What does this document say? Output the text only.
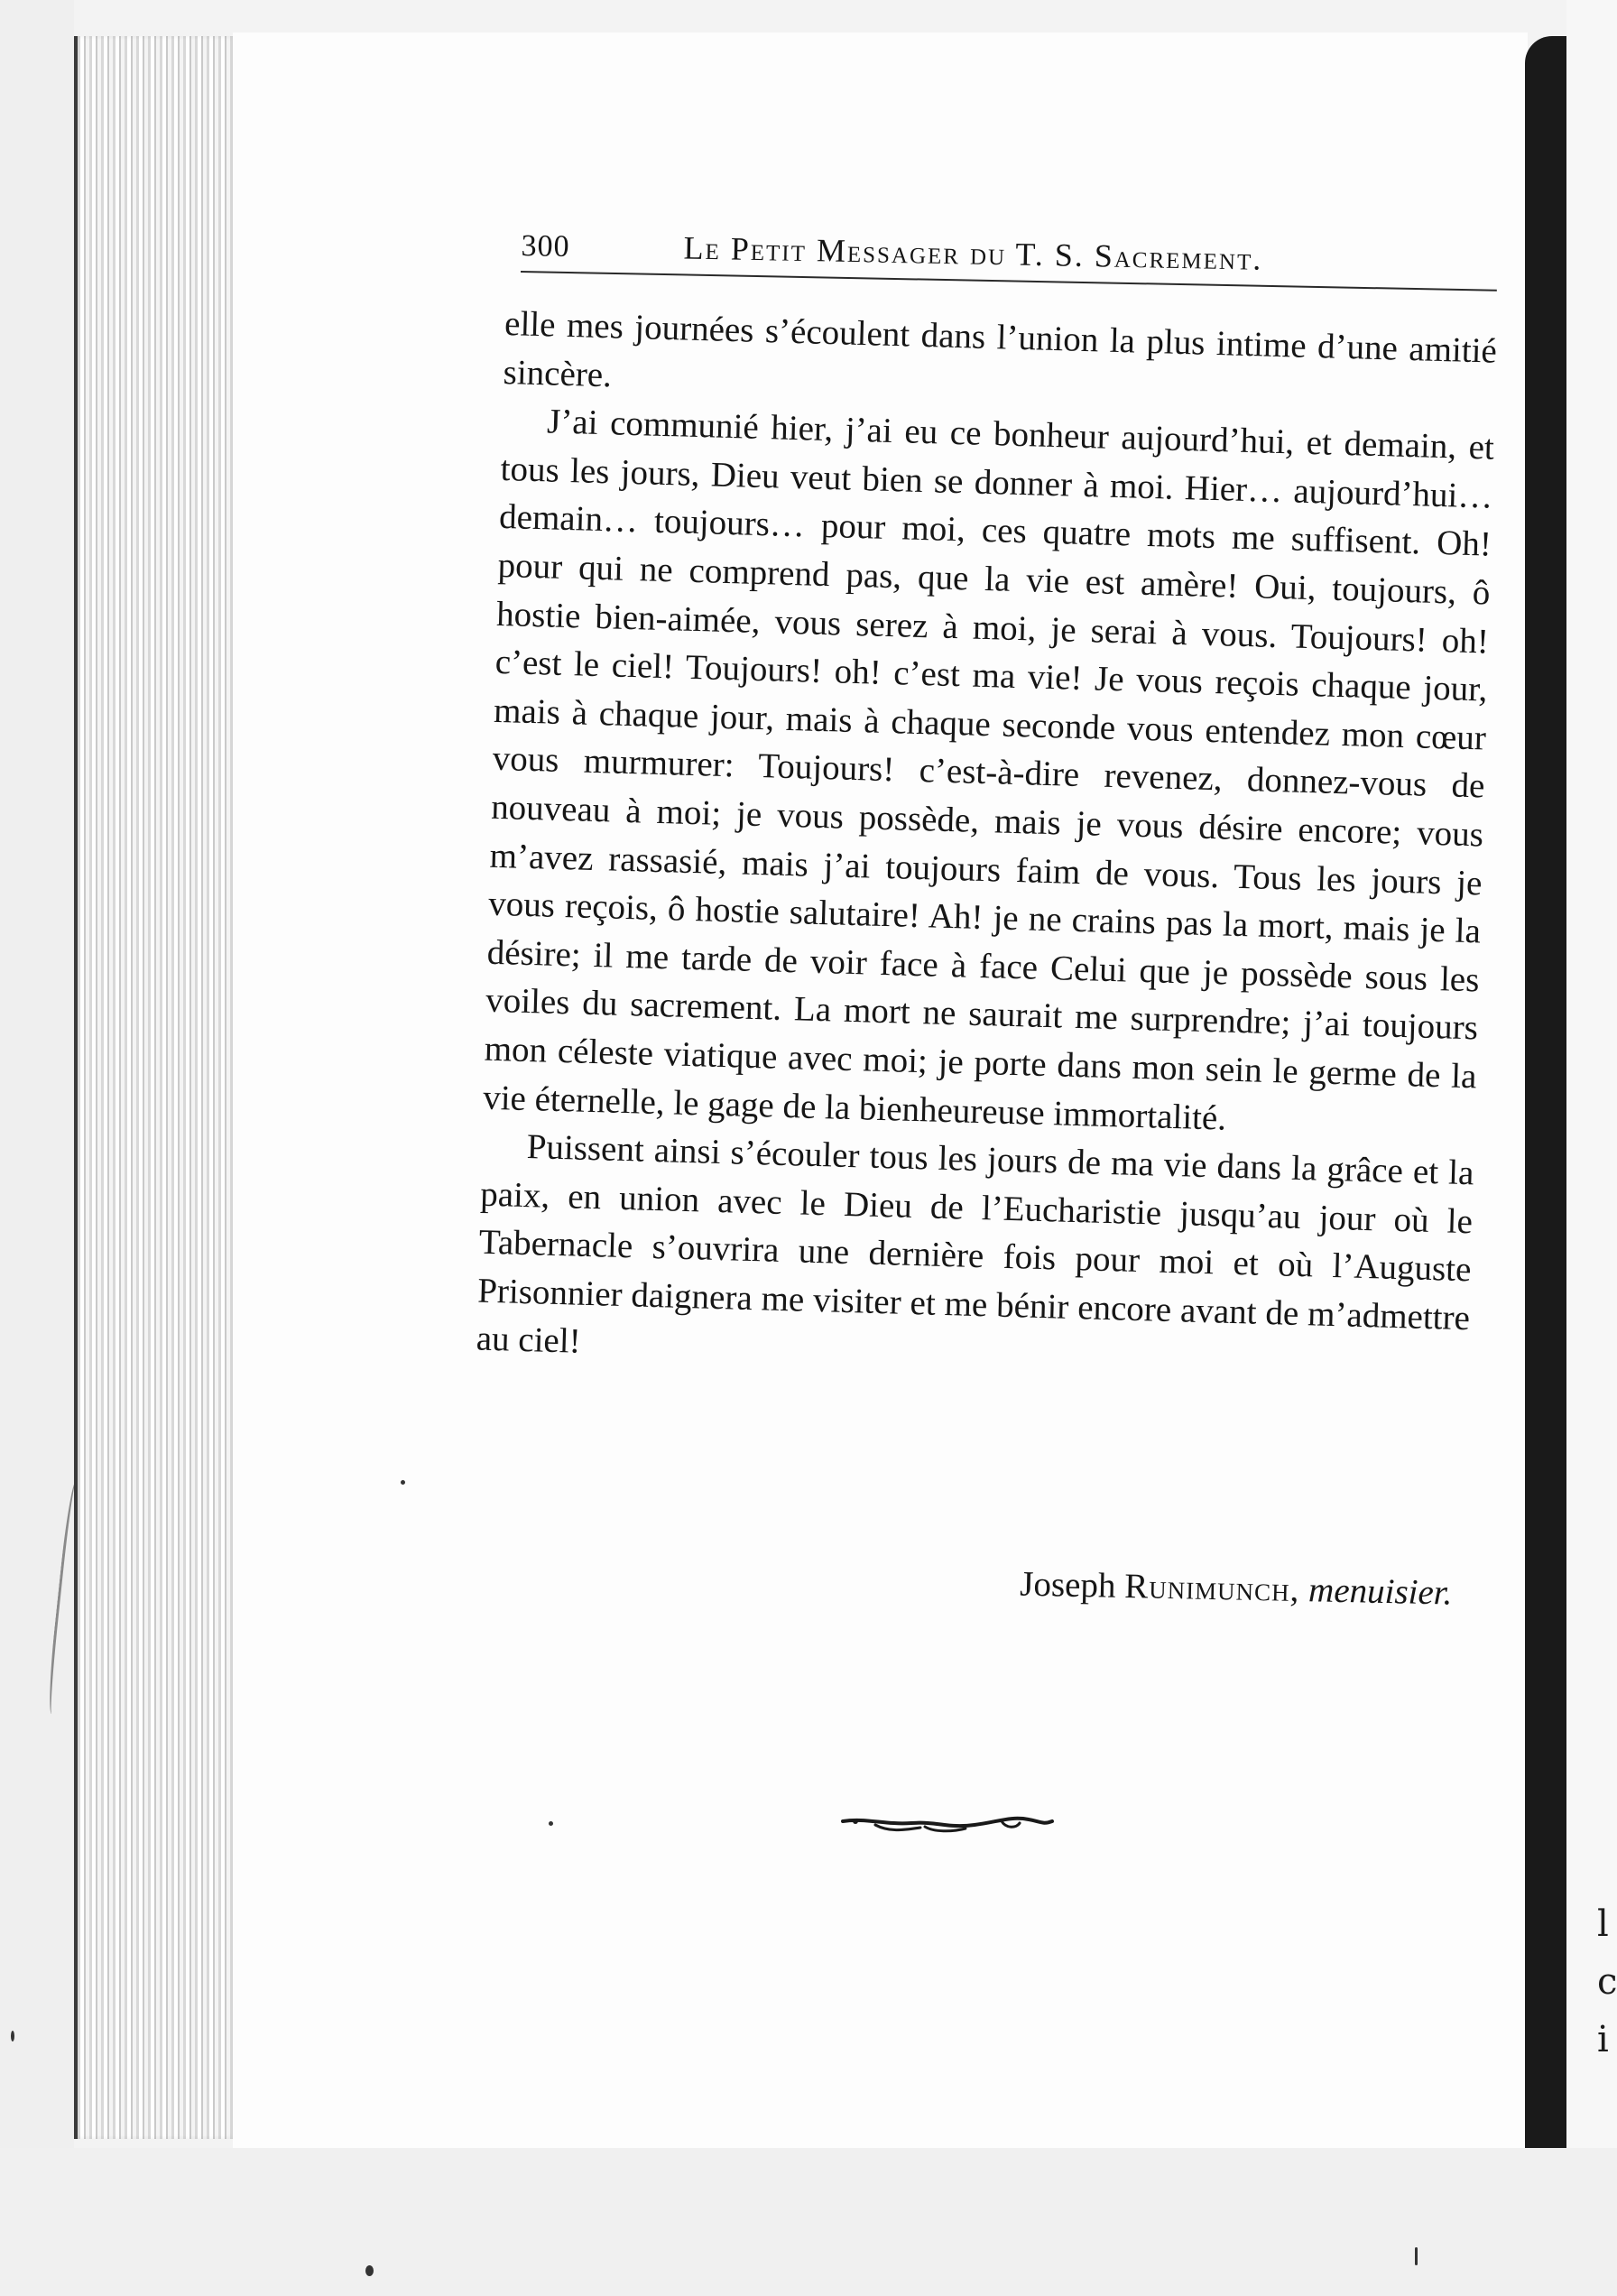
l
c
i
300	Le Petit Messager du T. S. Sacrement.

elle mes journées s’écoulent dans l’union la plus intime d’une amitié sincère.

J’ai communié hier, j’ai eu ce bonheur aujourd’hui, et demain, et tous les jours, Dieu veut bien se donner à moi. Hier… aujourd’hui… demain… toujours… pour moi, ces quatre mots me suffisent. Oh! pour qui ne comprend pas, que la vie est amère! Oui, toujours, ô hostie bien-aimée, vous serez à moi, je serai à vous. Toujours! oh! c’est le ciel! Toujours! oh! c’est ma vie! Je vous reçois chaque jour, mais à chaque jour, mais à chaque seconde vous entendez mon cœur vous murmurer: Toujours! c’est-à-dire revenez, donnez-vous de nouveau à moi; je vous possède, mais je vous désire encore; vous m’avez rassasié, mais j’ai toujours faim de vous. Tous les jours je vous reçois, ô hostie salutaire! Ah! je ne crains pas la mort, mais je la désire; il me tarde de voir face à face Celui que je possède sous les voiles du sacrement. La mort ne saurait me surprendre; j’ai toujours mon céleste viatique avec moi; je porte dans mon sein le germe de la vie éternelle, le gage de la bienheureuse immortalité.

Puissent ainsi s’écouler tous les jours de ma vie dans la grâce et la paix, en union avec le Dieu de l’Eucharistie jusqu’au jour où le Tabernacle s’ouvrira une dernière fois pour moi et où l’Auguste Prisonnier daignera me visiter et me bénir encore avant de m’admettre au ciel!

Joseph Runimunch, menuisier.
